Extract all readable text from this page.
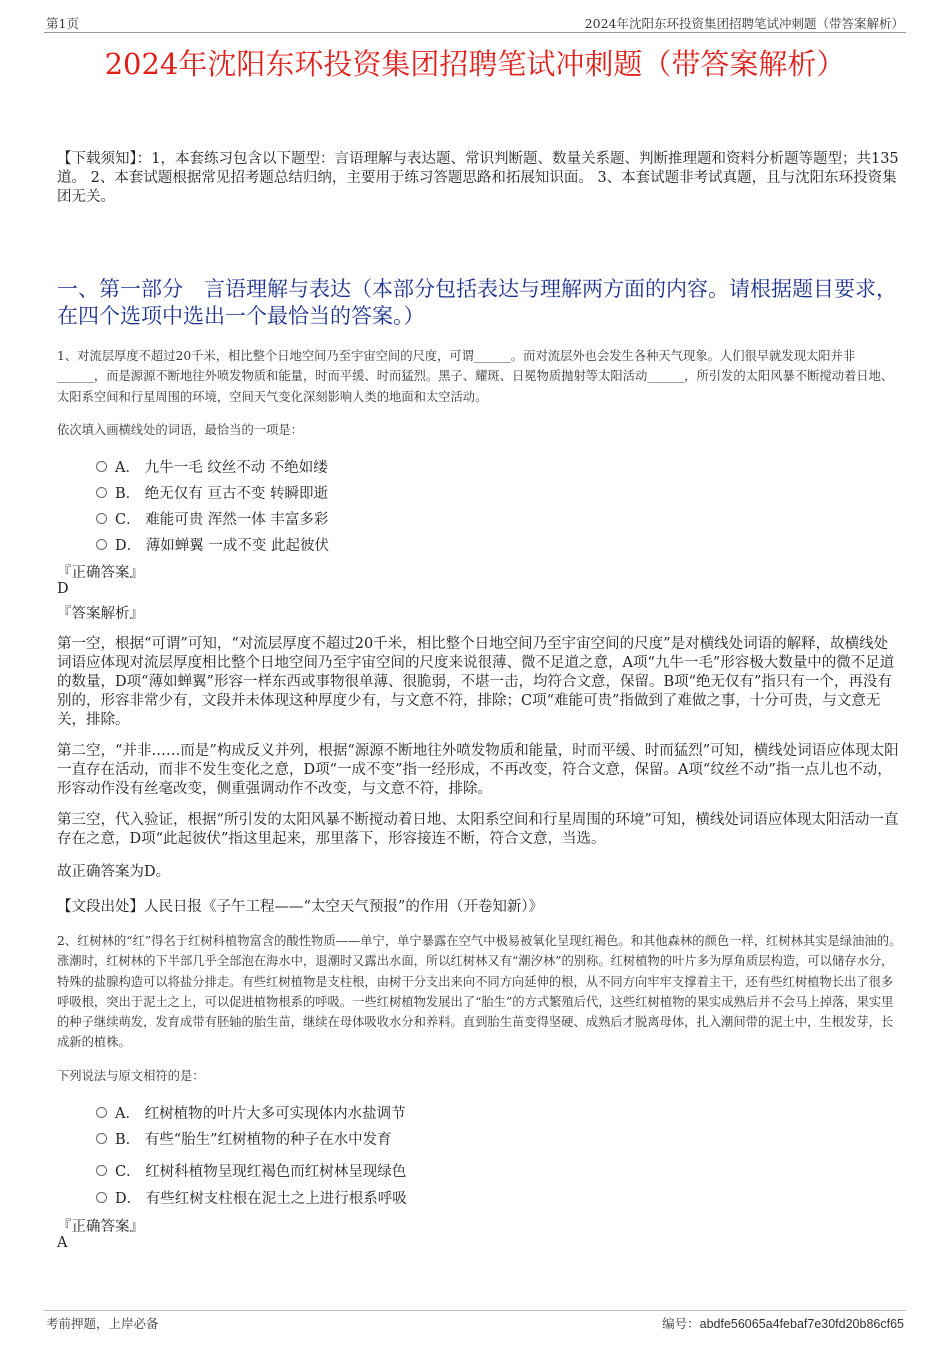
第1页	2024年沈阳东环投资集团招聘笔试冲刺题（带答案解析）
2024年沈阳东环投资集团招聘笔试冲刺题（带答案解析）
【下载须知】：1，本套练习包含以下题型：言语理解与表达题、常识判断题、数量关系题、判断推理题和资料分析题等题型；共135道。 2、本套试题根据常见招考题总结归纳，主要用于练习答题思路和拓展知识面。 3、本套试题非考试真题，且与沈阳东环投资集团无关。
一、第一部分　言语理解与表达（本部分包括表达与理解两方面的内容。请根据题目要求，在四个选项中选出一个最恰当的答案。）
1、对流层厚度不超过20千米，相比整个日地空间乃至宇宙空间的尺度，可谓______。而对流层外也会发生各种天气现象。人们很早就发现太阳并非______，而是源源不断地往外喷发物质和能量，时而平缓、时而猛烈。黑子、耀斑、日冕物质抛射等太阳活动______，所引发的太阳风暴不断搅动着日地、太阳系空间和行星周围的环境，空间天气变化深刻影响人类的地面和太空活动。
依次填入画横线处的词语，最恰当的一项是：
A． 九牛一毛 纹丝不动 不绝如缕
B． 绝无仅有 亘古不变 转瞬即逝
C． 难能可贵 浑然一体 丰富多彩
D． 薄如蝉翼 一成不变 此起彼伏
『正确答案』
D
『答案解析』
第一空，根据“可谓”可知，“对流层厚度不超过20千米，相比整个日地空间乃至宇宙空间的尺度”是对横线处词语的解释，故横线处词语应体现对流层厚度相比整个日地空间乃至宇宙空间的尺度来说很薄、微不足道之意，A项“九牛一毛”形容极大数量中的微不足道的数量，D项“薄如蝉翼”形容一样东西或事物很单薄、很脆弱，不堪一击，均符合文意，保留。B项“绝无仅有”指只有一个，再没有别的，形容非常少有，文段并未体现这种厚度少有，与文意不符，排除；C项“难能可贵”指做到了难做之事，十分可贵，与文意无关，排除。
第二空，“并非……而是”构成反义并列，根据“源源不断地往外喷发物质和能量，时而平缓、时而猛烈”可知，横线处词语应体现太阳一直存在活动，而非不发生变化之意，D项“一成不变”指一经形成，不再改变，符合文意，保留。A项“纹丝不动”指一点儿也不动，形容动作没有丝毫改变，侧重强调动作不改变，与文意不符，排除。
第三空，代入验证，根据“所引发的太阳风暴不断搅动着日地、太阳系空间和行星周围的环境”可知，横线处词语应体现太阳活动一直存在之意，D项“此起彼伏”指这里起来，那里落下，形容接连不断，符合文意，当选。
故正确答案为D。
【文段出处】人民日报《子午工程——“太空天气预报”的作用（开卷知新）》
2、红树林的“红”得名于红树科植物富含的酸性物质——单宁，单宁暴露在空气中极易被氧化呈现红褐色。和其他森林的颜色一样，红树林其实是绿油油的。涨潮时，红树林的下半部几乎全部泡在海水中，退潮时又露出水面，所以红树林又有“潮汐林”的别称。红树植物的叶片多为厚角质层构造，可以储存水分，特殊的盐腺构造可以将盐分排走。有些红树植物是支柱根，由树干分支出来向不同方向延伸的根，从不同方向牢牢支撑着主干，还有些红树植物长出了很多呼吸根，突出于泥土之上，可以促进植物根系的呼吸。一些红树植物发展出了“胎生”的方式繁殖后代，这些红树植物的果实成熟后并不会马上掉落，果实里的种子继续萌发，发育成带有胚轴的胎生苗，继续在母体吸收水分和养料。直到胎生苗变得坚硬、成熟后才脱离母体，扎入潮间带的泥土中，生根发芽，长成新的植株。
下列说法与原文相符的是：
A． 红树植物的叶片大多可实现体内水盐调节
B． 有些“胎生”红树植物的种子在水中发育
C． 红树科植物呈现红褐色而红树林呈现绿色
D． 有些红树支柱根在泥土之上进行根系呼吸
『正确答案』
A
考前押题，上岸必备	编号：abdfe56065a4febaf7e30fd20b86cf65
